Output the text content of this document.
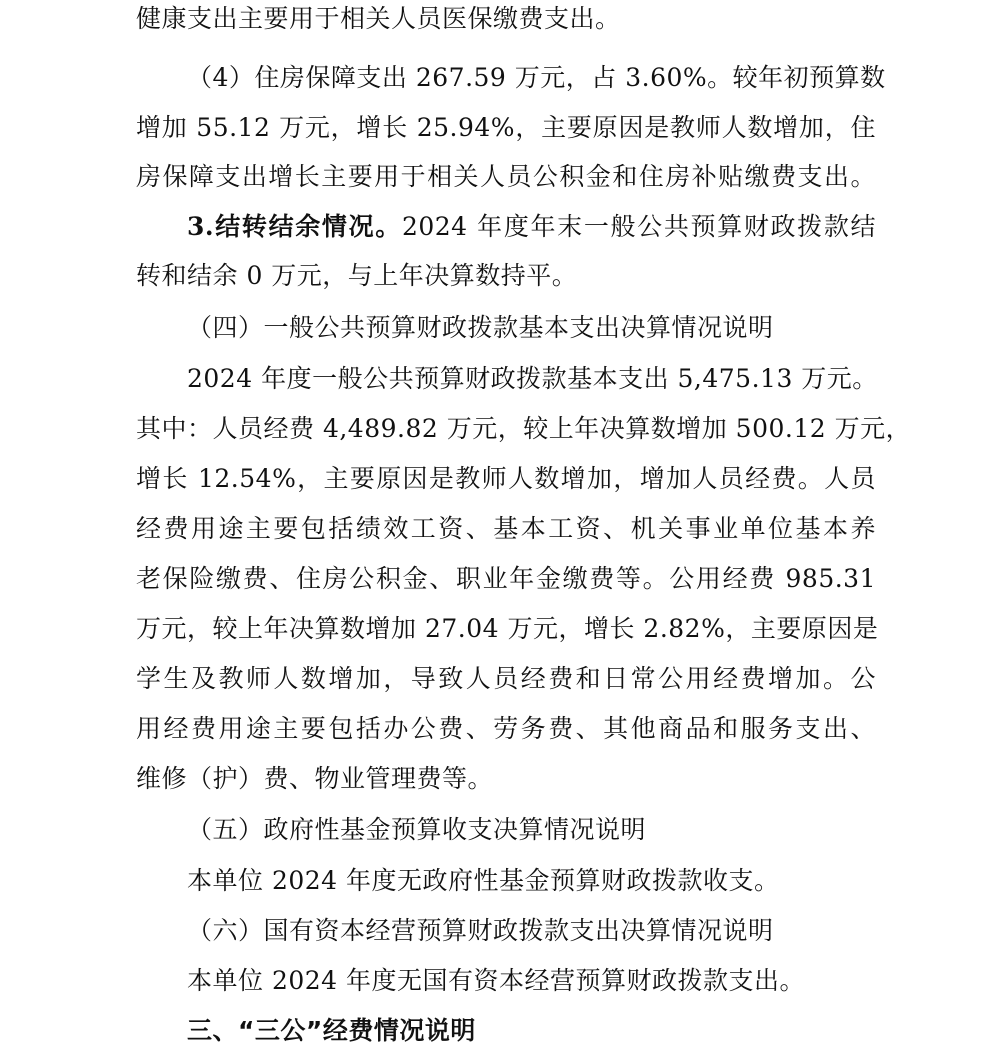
健康支出主要用于相关人员医保缴费支出。
（4）住房保障支出 267.59 万元，占 3.60%。较年初预算数
增加 55.12 万元，增长 25.94%，主要原因是教师人数增加，住
房保障支出增长主要用于相关人员公积金和住房补贴缴费支出。
3.结转结余情况。2024 年度年末一般公共预算财政拨款结
转和结余 0 万元，与上年决算数持平。
（四）一般公共预算财政拨款基本支出决算情况说明
2024 年度一般公共预算财政拨款基本支出 5,475.13 万元。
其中：人员经费 4,489.82 万元，较上年决算数增加 500.12 万元，
增长 12.54%，主要原因是教师人数增加，增加人员经费。人员
经费用途主要包括绩效工资、基本工资、机关事业单位基本养
老保险缴费、住房公积金、职业年金缴费等。公用经费 985.31
万元，较上年决算数增加 27.04 万元，增长 2.82%，主要原因是
学生及教师人数增加，导致人员经费和日常公用经费增加。公
用经费用途主要包括办公费、劳务费、其他商品和服务支出、
维修（护）费、物业管理费等。
（五）政府性基金预算收支决算情况说明
本单位 2024 年度无政府性基金预算财政拨款收支。
（六）国有资本经营预算财政拨款支出决算情况说明
本单位 2024 年度无国有资本经营预算财政拨款支出。
三、“三公”经费情况说明
